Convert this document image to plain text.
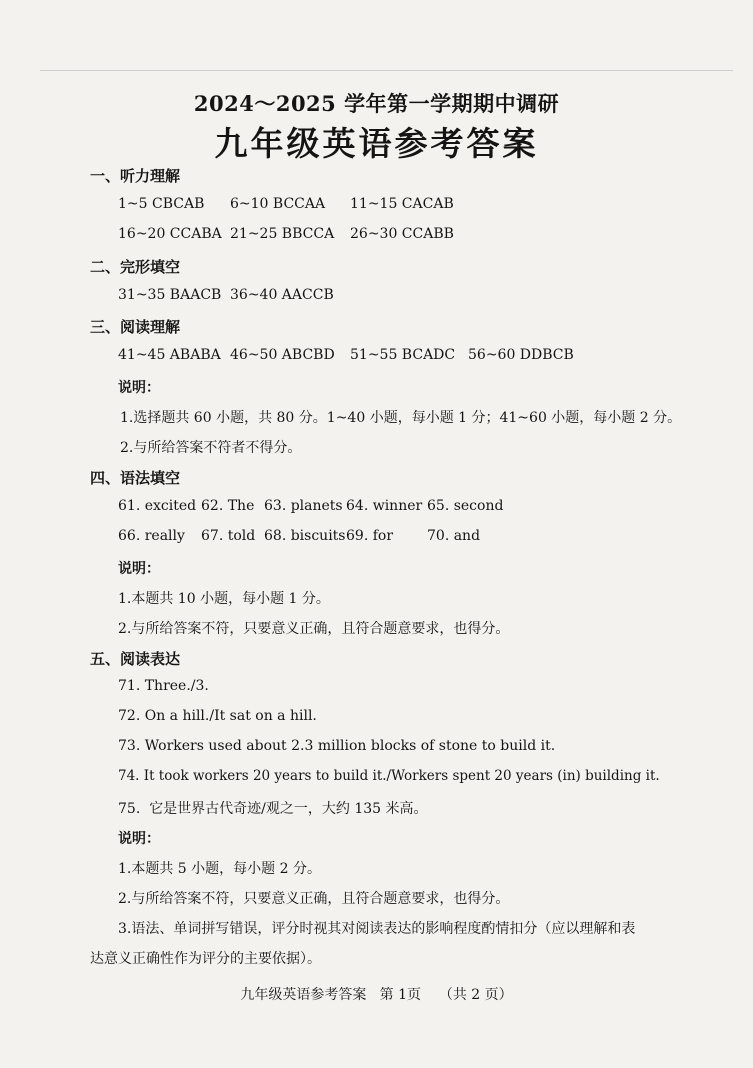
2024～2025 学年第一学期期中调研
九年级英语参考答案
一、听力理解
1~5 CBCAB 6~10 BCCAA 11~15 CACAB
16~20 CCABA 21~25 BBCCA 26~30 CCABB
二、完形填空
31~35 BAACB 36~40 AACCB
三、阅读理解
41~45 ABABA 46~50 ABCBD 51~55 BCADC 56~60 DDBCB
说明：
1.选择题共 60 小题，共 80 分。1~40 小题，每小题 1 分；41~60 小题，每小题 2 分。
2.与所给答案不符者不得分。
四、语法填空
61. excited 62. The 63. planets 64. winner 65. second
66. really 67. told 68. biscuits69. for 70. and
说明：
1.本题共 10 小题，每小题 1 分。
2.与所给答案不符，只要意义正确，且符合题意要求，也得分。
五、阅读表达
71. Three./3.
72. On a hill./It sat on a hill.
73. Workers used about 2.3 million blocks of stone to build it.
74. It took workers 20 years to build it./Workers spent 20 years (in) building it.
75.  它是世界古代奇迹/观之一，大约 135 米高。
说明：
1.本题共 5 小题，每小题 2 分。
2.与所给答案不符，只要意义正确，且符合题意要求，也得分。
3.语法、单词拼写错误，评分时视其对阅读表达的影响程度酌情扣分（应以理解和表
达意义正确性作为评分的主要依据）。
九年级英语参考答案   第 1页    （共 2 页）
